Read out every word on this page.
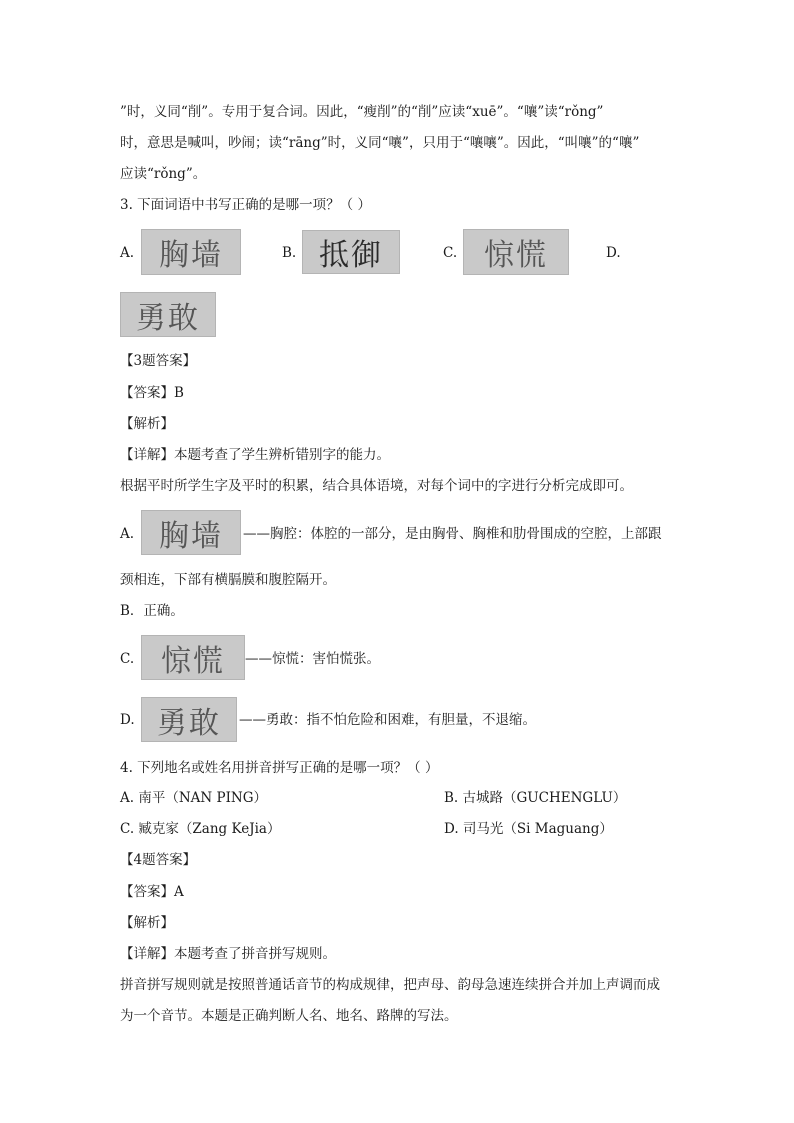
”时，义同“削”。专用于复合词。因此，“瘦削”的“削”应读“xuē”。“嚷”读“rǒng”
时，意思是喊叫，吵闹；读“rāng”时，义同“嚷”，只用于“嚷嚷”。因此，“叫嚷”的“嚷”
应读“rǒng”。
3. 下面词语中书写正确的是哪一项？（ ）
A. 胸墙	B. 抵御	C. 惊慌	D.
勇敢
【3题答案】
【答案】B
【解析】
【详解】本题考查了学生辨析错别字的能力。
根据平时所学生字及平时的积累，结合具体语境，对每个词中的字进行分析完成即可。
A. 胸墙 ——胸腔：体腔的一部分，是由胸骨、胸椎和肋骨围成的空腔，上部跟
颈相连，下部有横膈膜和腹腔隔开。
B．正确。
C. 惊慌 ——惊慌：害怕慌张。
D. 勇敢 ——勇敢：指不怕危险和困难，有胆量，不退缩。
4. 下列地名或姓名用拼音拼写正确的是哪一项？（ ）
A. 南平（NAN PING）	B. 古城路（GUCHENGLU）
C. 臧克家（Zang KeJia）	D. 司马光（Si Maguang）
【4题答案】
【答案】A
【解析】
【详解】本题考查了拼音拼写规则。
拼音拼写规则就是按照普通话音节的构成规律，把声母、韵母急速连续拼合并加上声调而成
为一个音节。本题是正确判断人名、地名、路牌的写法。
